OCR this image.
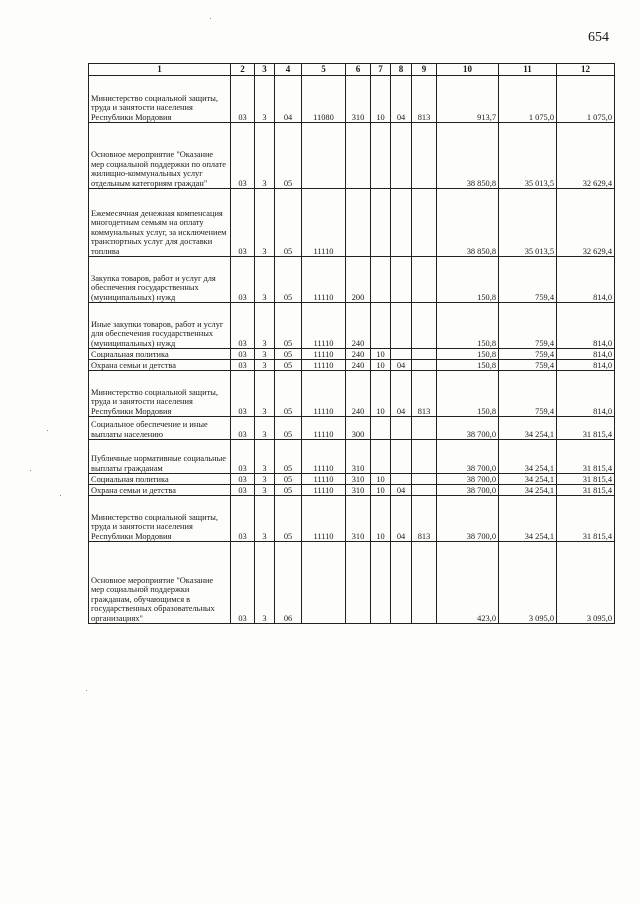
654
1	2	3	4	5	6	7	8	9	10	11	12
Министерство социальной защиты, труда и занятости населения Республики Мордовия	03	3	04	11080	310	10	04	813	913,7	1 075,0	1 075,0
Основное мероприятие "Оказание мер социальной поддержки по оплате жилищно-коммунальных услуг отдельным категориям граждан"	03	3	05						38 850,8	35 013,5	32 629,4
Ежемесячная денежная компенсация многодетным семьям на оплату коммунальных услуг, за исключением транспортных услуг для доставки топлива	03	3	05	11110					38 850,8	35 013,5	32 629,4
Закупка товаров, работ и услуг для обеспечения государственных (муниципальных) нужд	03	3	05	11110	200				150,8	759,4	814,0
Иные закупки товаров, работ и услуг для обеспечения государственных (муниципальных) нужд	03	3	05	11110	240				150,8	759,4	814,0
Социальная политика	03	3	05	11110	240	10			150,8	759,4	814,0
Охрана семьи и детства	03	3	05	11110	240	10	04		150,8	759,4	814,0
Министерство социальной защиты, труда и занятости населения Республики Мордовия	03	3	05	11110	240	10	04	813	150,8	759,4	814,0
Социальное обеспечение и иные выплаты населению	03	3	05	11110	300				38 700,0	34 254,1	31 815,4
Публичные нормативные социальные выплаты гражданам	03	3	05	11110	310				38 700,0	34 254,1	31 815,4
Социальная политика	03	3	05	11110	310	10			38 700,0	34 254,1	31 815,4
Охрана семьи и детства	03	3	05	11110	310	10	04		38 700,0	34 254,1	31 815,4
Министерство социальной защиты, труда и занятости населения Республики Мордовия	03	3	05	11110	310	10	04	813	38 700,0	34 254,1	31 815,4
Основное мероприятие "Оказание мер социальной поддержки гражданам, обучающимся в государственных образовательных организациях"	03	3	06						423,0	3 095,0	3 095,0
